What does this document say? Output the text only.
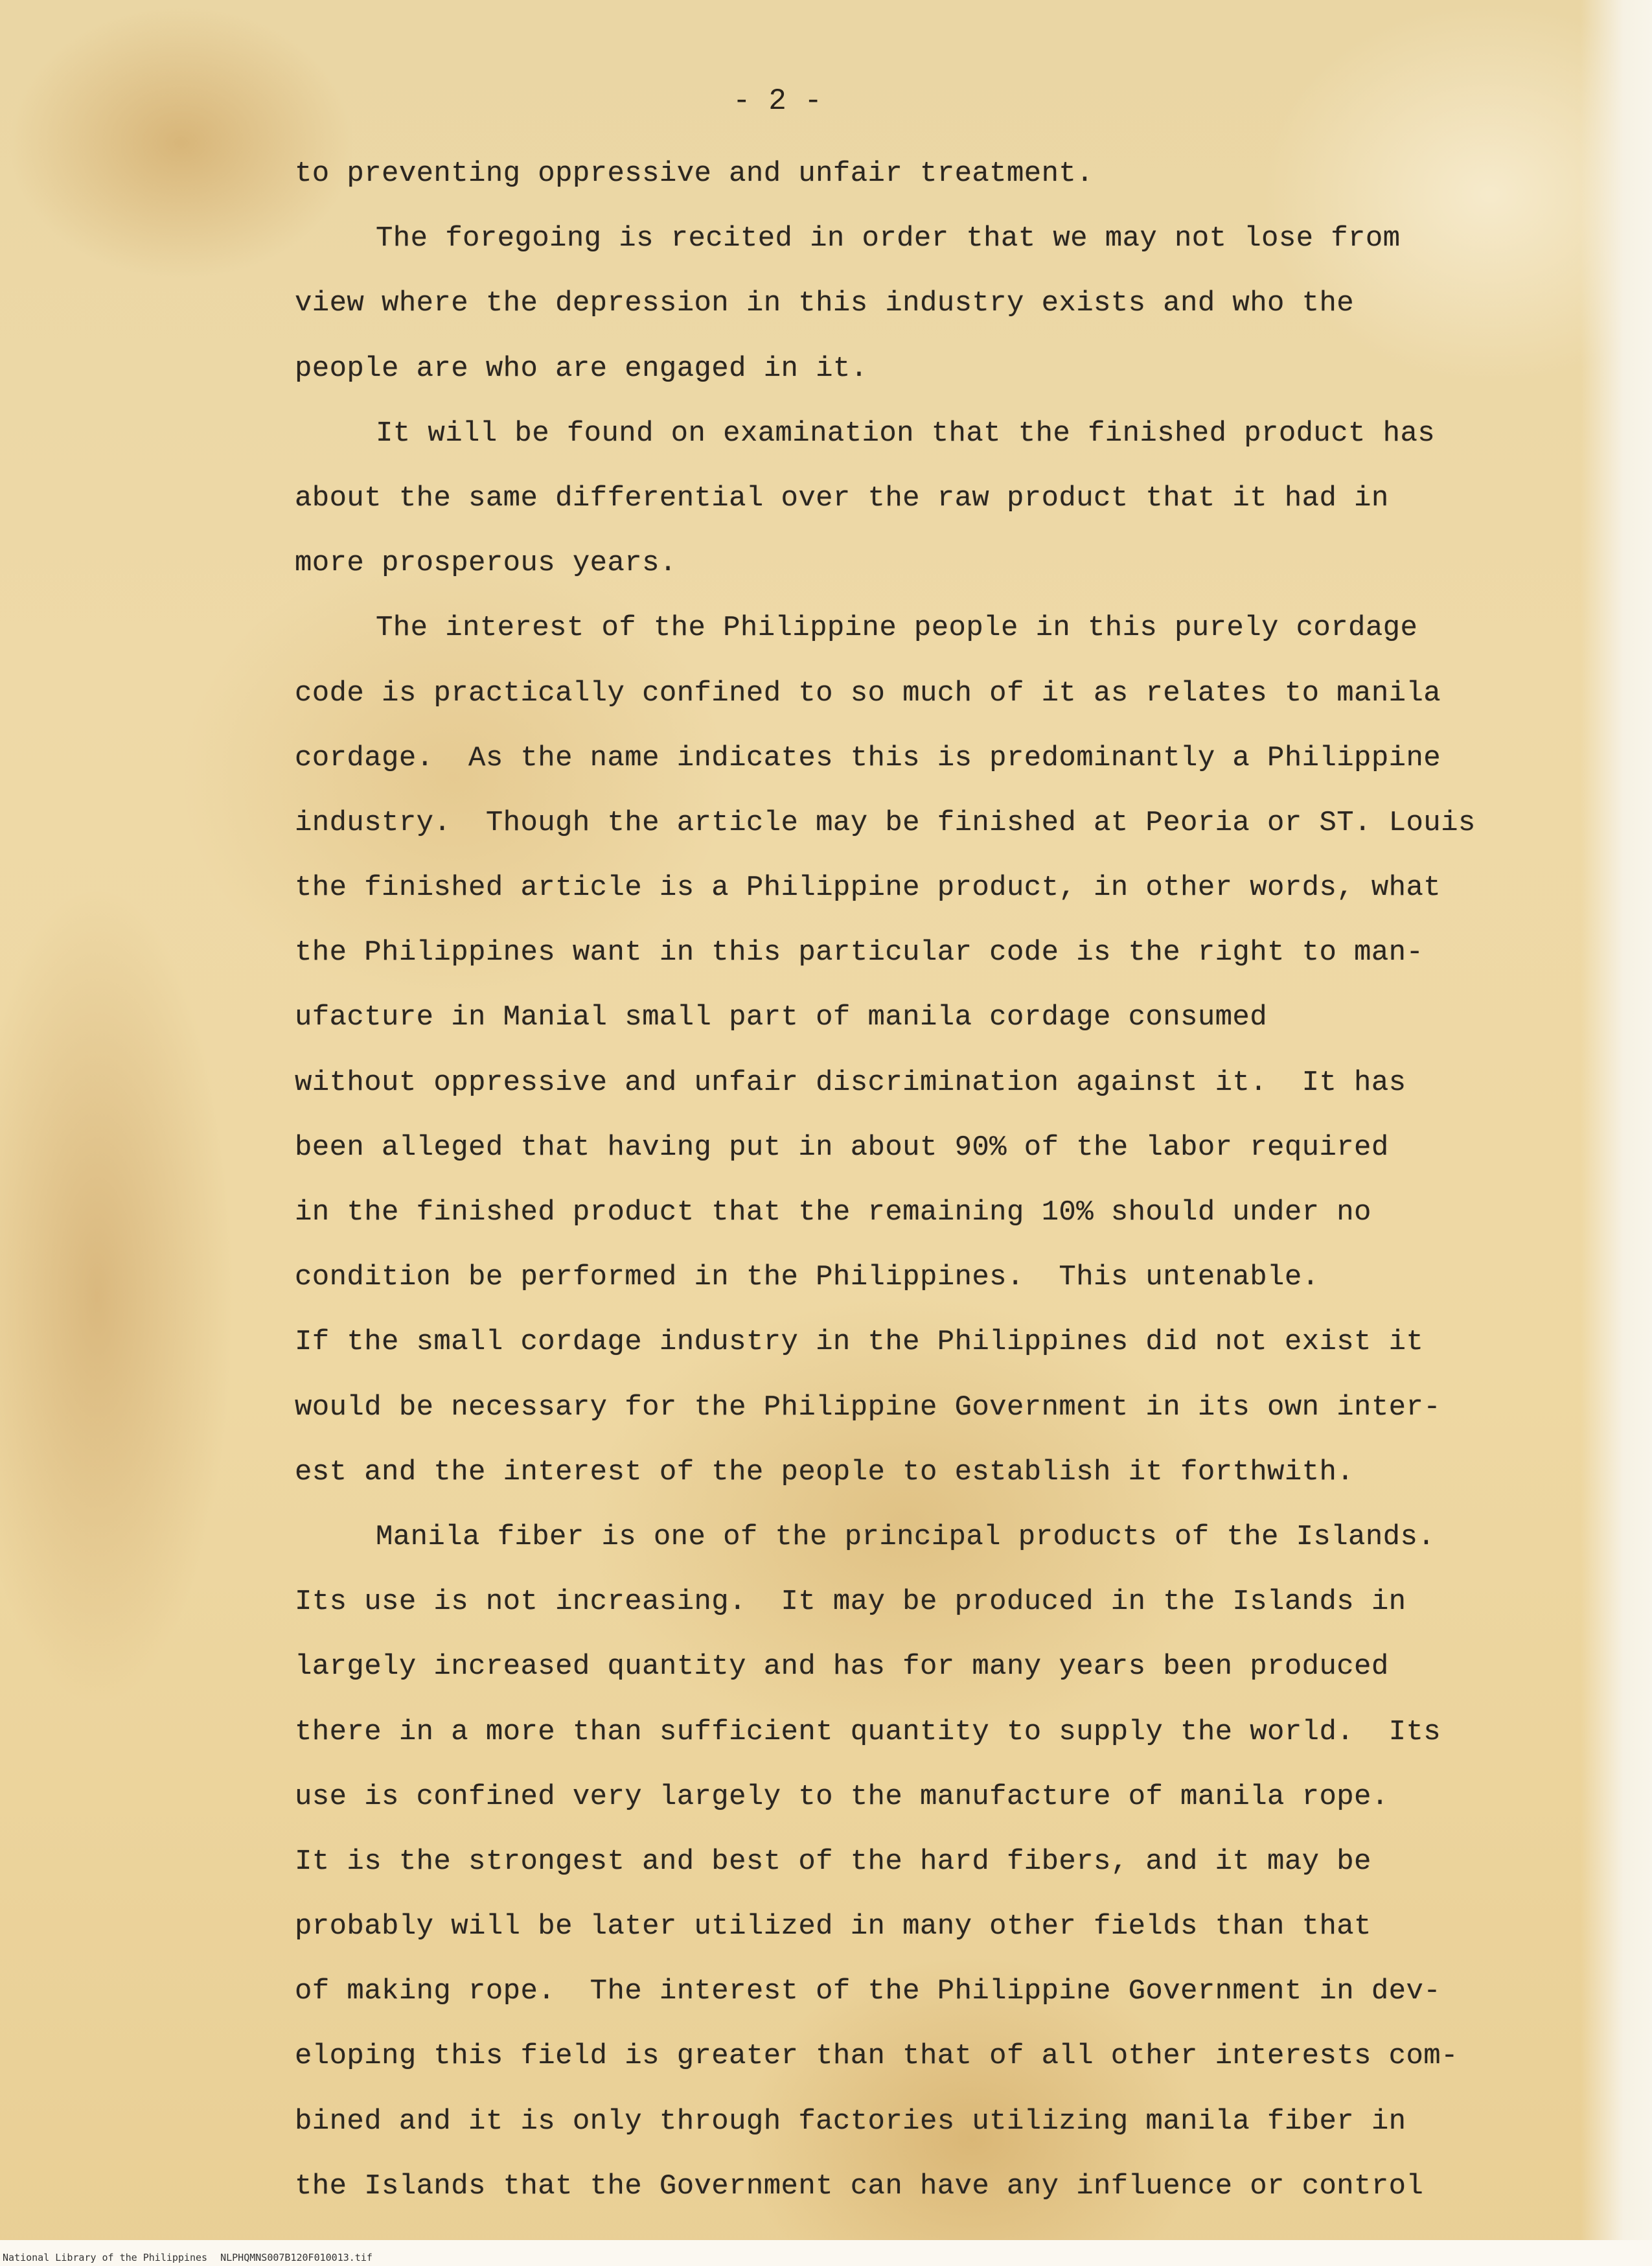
- 2 -
to preventing oppressive and unfair treatment.
The foregoing is recited in order that we may not lose from
view where the depression in this industry exists and who the
people are who are engaged in it.
It will be found on examination that the finished product has
about the same differential over the raw product that it had in
more prosperous years.
The interest of the Philippine people in this purely cordage
code is practically confined to so much of it as relates to manila
cordage.  As the name indicates this is predominantly a Philippine
industry.  Though the article may be finished at Peoria or ST. Louis
the finished article is a Philippine product, in other words, what
the Philippines want in this particular code is the right to man-
ufacture in Manial small part of manila cordage consumed
without oppressive and unfair discrimination against it.  It has
been alleged that having put in about 90% of the labor required
in the finished product that the remaining 10% should under no
condition be performed in the Philippines.  This untenable.
If the small cordage industry in the Philippines did not exist it
would be necessary for the Philippine Government in its own inter-
est and the interest of the people to establish it forthwith.
Manila fiber is one of the principal products of the Islands.
Its use is not increasing.  It may be produced in the Islands in
largely increased quantity and has for many years been produced
there in a more than sufficient quantity to supply the world.  Its
use is confined very largely to the manufacture of manila rope.
It is the strongest and best of the hard fibers, and it may be
probably will be later utilized in many other fields than that
of making rope.  The interest of the Philippine Government in dev-
eloping this field is greater than that of all other interests com-
bined and it is only through factories utilizing manila fiber in
the Islands that the Government can have any influence or control
National Library of the Philippines NLPHQMNS007B120F010013.tif
